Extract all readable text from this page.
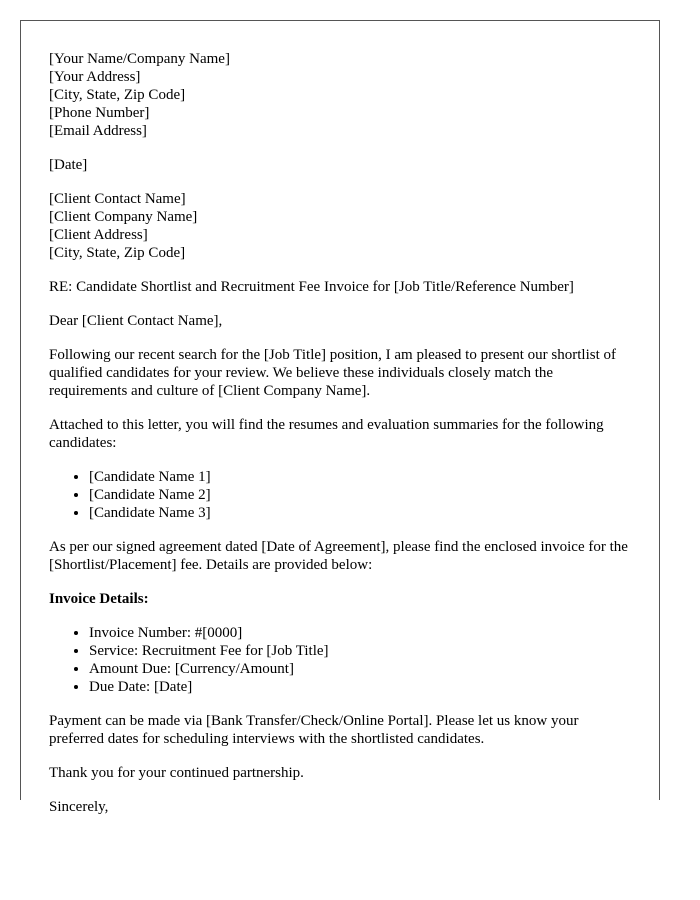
[Your Name/Company Name]
[Your Address]
[City, State, Zip Code]
[Phone Number]
[Email Address]

[Date]

[Client Contact Name]
[Client Company Name]
[Client Address]
[City, State, Zip Code]

RE: Candidate Shortlist and Recruitment Fee Invoice for [Job Title/Reference Number]

Dear [Client Contact Name],

Following our recent search for the [Job Title] position, I am pleased to present our shortlist of qualified candidates for your review. We believe these individuals closely match the requirements and culture of [Client Company Name].

Attached to this letter, you will find the resumes and evaluation summaries for the following candidates:

• [Candidate Name 1]
• [Candidate Name 2]
• [Candidate Name 3]

As per our signed agreement dated [Date of Agreement], please find the enclosed invoice for the [Shortlist/Placement] fee. Details are provided below:

Invoice Details:

• Invoice Number: #[0000]
• Service: Recruitment Fee for [Job Title]
• Amount Due: [Currency/Amount]
• Due Date: [Date]

Payment can be made via [Bank Transfer/Check/Online Portal]. Please let us know your preferred dates for scheduling interviews with the shortlisted candidates.

Thank you for your continued partnership.

Sincerely,
